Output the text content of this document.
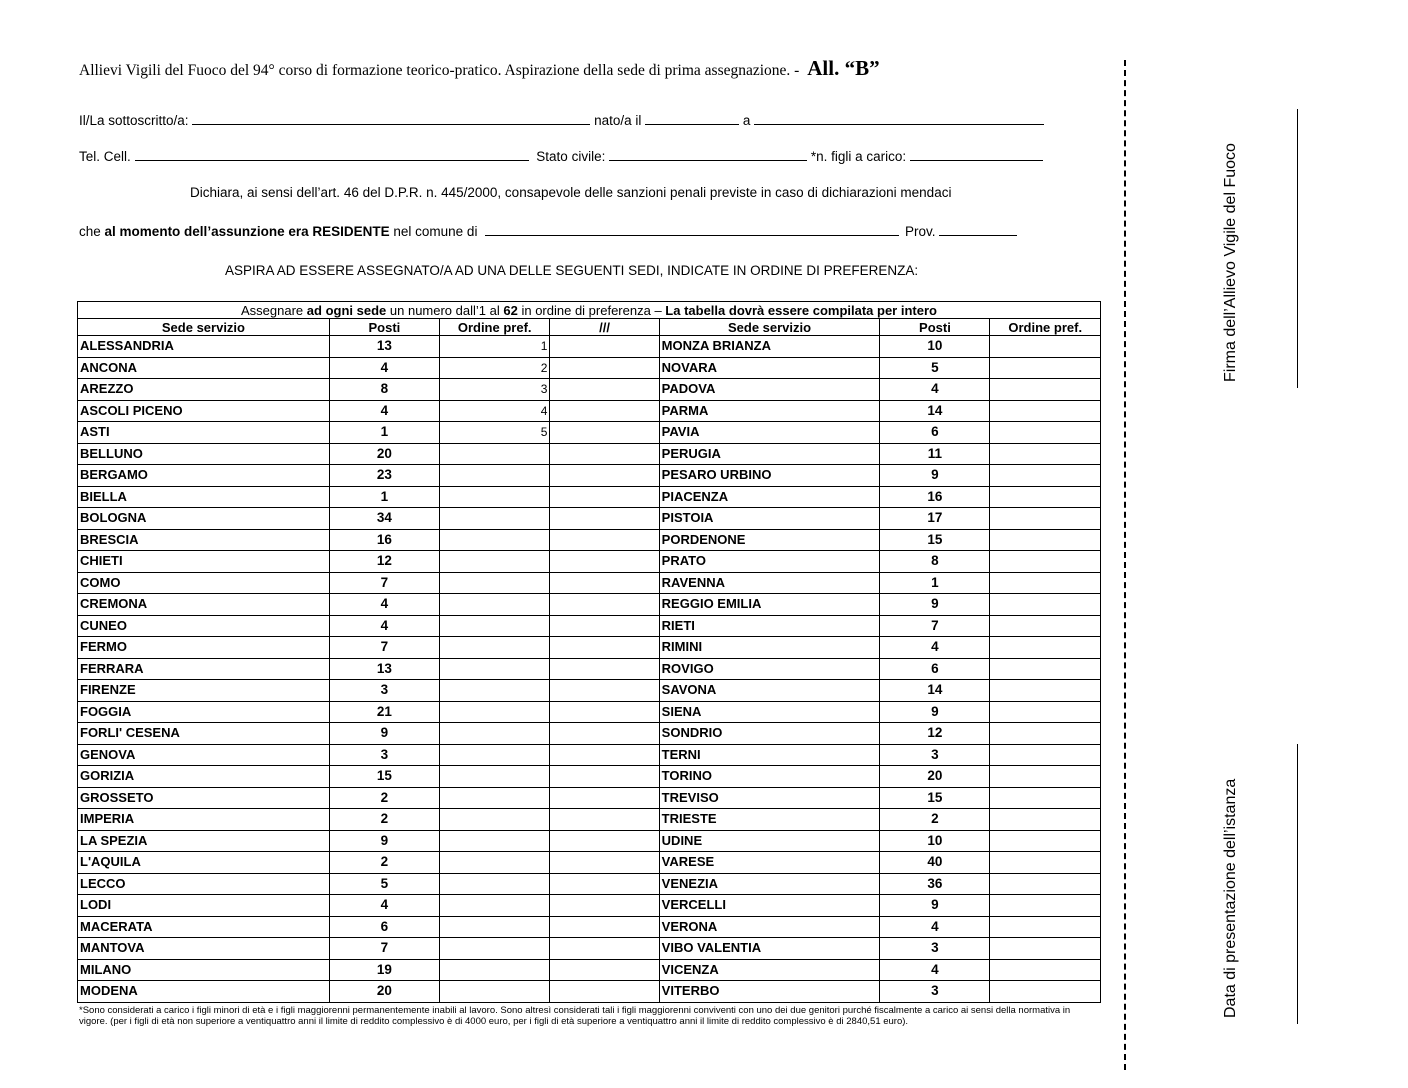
Allievi Vigili del Fuoco del 94° corso di formazione teorico-pratico. Aspirazione della sede di prima assegnazione. - All. “B”
Il/La sottoscritto/a:	nato/a il	a
Tel. Cell.	Stato civile:	*n. figli a carico:
Dichiara, ai sensi dell’art. 46 del D.P.R. n. 445/2000, consapevole delle sanzioni penali previste in caso di dichiarazioni mendaci
che al momento dell’assunzione era RESIDENTE nel comune di	Prov.
ASPIRA AD ESSERE ASSEGNATO/A AD UNA DELLE SEGUENTI SEDI, INDICATE IN ORDINE DI PREFERENZA:
Assegnare ad ogni sede un numero dall’1 al 62 in ordine di preferenza – La tabella dovrà essere compilata per intero						
Sede servizio	Posti	Ordine pref.	///	Sede servizio	Posti	Ordine pref.
ALESSANDRIA	13	1		MONZA BRIANZA	10	
ANCONA	4	2		NOVARA	5	
AREZZO	8	3		PADOVA	4	
ASCOLI PICENO	4	4		PARMA	14	
ASTI	1	5		PAVIA	6	
BELLUNO	20			PERUGIA	11	
BERGAMO	23			PESARO URBINO	9	
BIELLA	1			PIACENZA	16	
BOLOGNA	34			PISTOIA	17	
BRESCIA	16			PORDENONE	15	
CHIETI	12			PRATO	8	
COMO	7			RAVENNA	1	
CREMONA	4			REGGIO EMILIA	9	
CUNEO	4			RIETI	7	
FERMO	7			RIMINI	4	
FERRARA	13			ROVIGO	6	
FIRENZE	3			SAVONA	14	
FOGGIA	21			SIENA	9	
FORLI' CESENA	9			SONDRIO	12	
GENOVA	3			TERNI	3	
GORIZIA	15			TORINO	20	
GROSSETO	2			TREVISO	15	
IMPERIA	2			TRIESTE	2	
LA SPEZIA	9			UDINE	10	
L'AQUILA	2			VARESE	40	
LECCO	5			VENEZIA	36	
LODI	4			VERCELLI	9	
MACERATA	6			VERONA	4	
MANTOVA	7			VIBO VALENTIA	3	
MILANO	19			VICENZA	4	
MODENA	20			VITERBO	3	
*Sono considerati a carico i figli minori di età e i figli maggiorenni permanentemente inabili al lavoro. Sono altresì considerati tali i figli maggiorenni conviventi con uno dei due genitori purché fiscalmente a carico ai sensi della normativa in vigore. (per i figli di età non superiore a ventiquattro anni il limite di reddito complessivo è di 4000 euro, per i figli di età superiore a ventiquattro anni il limite di reddito complessivo è di 2840,51 euro).
Firma dell’Allievo Vigile del Fuoco
Data di presentazione dell’istanza
